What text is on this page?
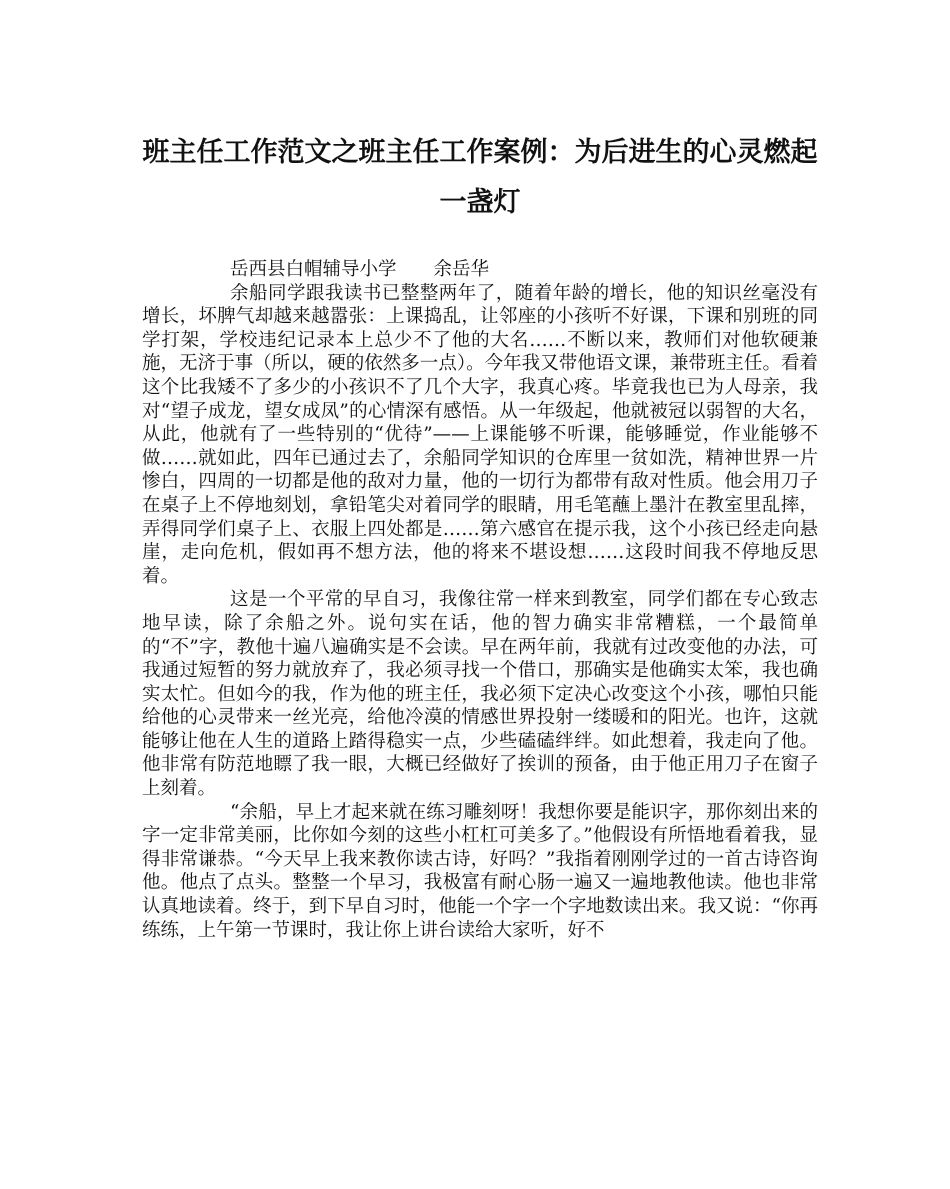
班主任工作范文之班主任工作案例：为后进生的心灵燃起一盏灯
岳西县白帽辅导小学　　余岳华

余船同学跟我读书已整整两年了，随着年龄的增长，他的知识丝毫没有增长，坏脾气却越来越嚣张：上课捣乱，让邻座的小孩听不好课，下课和别班的同学打架，学校违纪记录本上总少不了他的大名……不断以来，教师们对他软硬兼施，无济于事（所以，硬的依然多一点）。今年我又带他语文课，兼带班主任。看着这个比我矮不了多少的小孩识不了几个大字，我真心疼。毕竟我也已为人母亲，我对“望子成龙，望女成凤”的心情深有感悟。从一年级起，他就被冠以弱智的大名，从此，他就有了一些特别的“优待”——上课能够不听课，能够睡觉，作业能够不做……就如此，四年已通过去了，余船同学知识的仓库里一贫如洗，精神世界一片惨白，四周的一切都是他的敌对力量，他的一切行为都带有敌对性质。他会用刀子在桌子上不停地刻划，拿铅笔尖对着同学的眼睛，用毛笔蘸上墨汁在教室里乱摔，弄得同学们桌子上、衣服上四处都是……第六感官在提示我，这个小孩已经走向悬崖，走向危机，假如再不想方法，他的将来不堪设想……这段时间我不停地反思着。

这是一个平常的早自习，我像往常一样来到教室，同学们都在专心致志地早读，除了余船之外。说句实在话，他的智力确实非常糟糕，一个最简单的“不”字，教他十遍八遍确实是不会读。早在两年前，我就有过改变他的办法，可我通过短暂的努力就放弃了，我必须寻找一个借口，那确实是他确实太笨，我也确实太忙。但如今的我，作为他的班主任，我必须下定决心改变这个小孩，哪怕只能给他的心灵带来一丝光亮，给他冷漠的情感世界投射一缕暖和的阳光。也许，这就能够让他在人生的道路上踏得稳实一点，少些磕磕绊绊。如此想着，我走向了他。他非常有防范地瞟了我一眼，大概已经做好了挨训的预备，由于他正用刀子在窗子上刻着。

“余船，早上才起来就在练习雕刻呀！我想你要是能识字，那你刻出来的字一定非常美丽，比你如今刻的这些小杠杠可美多了。”他假设有所悟地看着我，显得非常谦恭。“今天早上我来教你读古诗，好吗？”我指着刚刚学过的一首古诗咨询他。他点了点头。整整一个早习，我极富有耐心肠一遍又一遍地教他读。他也非常认真地读着。终于，到下早自习时，他能一个字一个字地数读出来。我又说：“你再练练，上午第一节课时，我让你上讲台读给大家听，好不
